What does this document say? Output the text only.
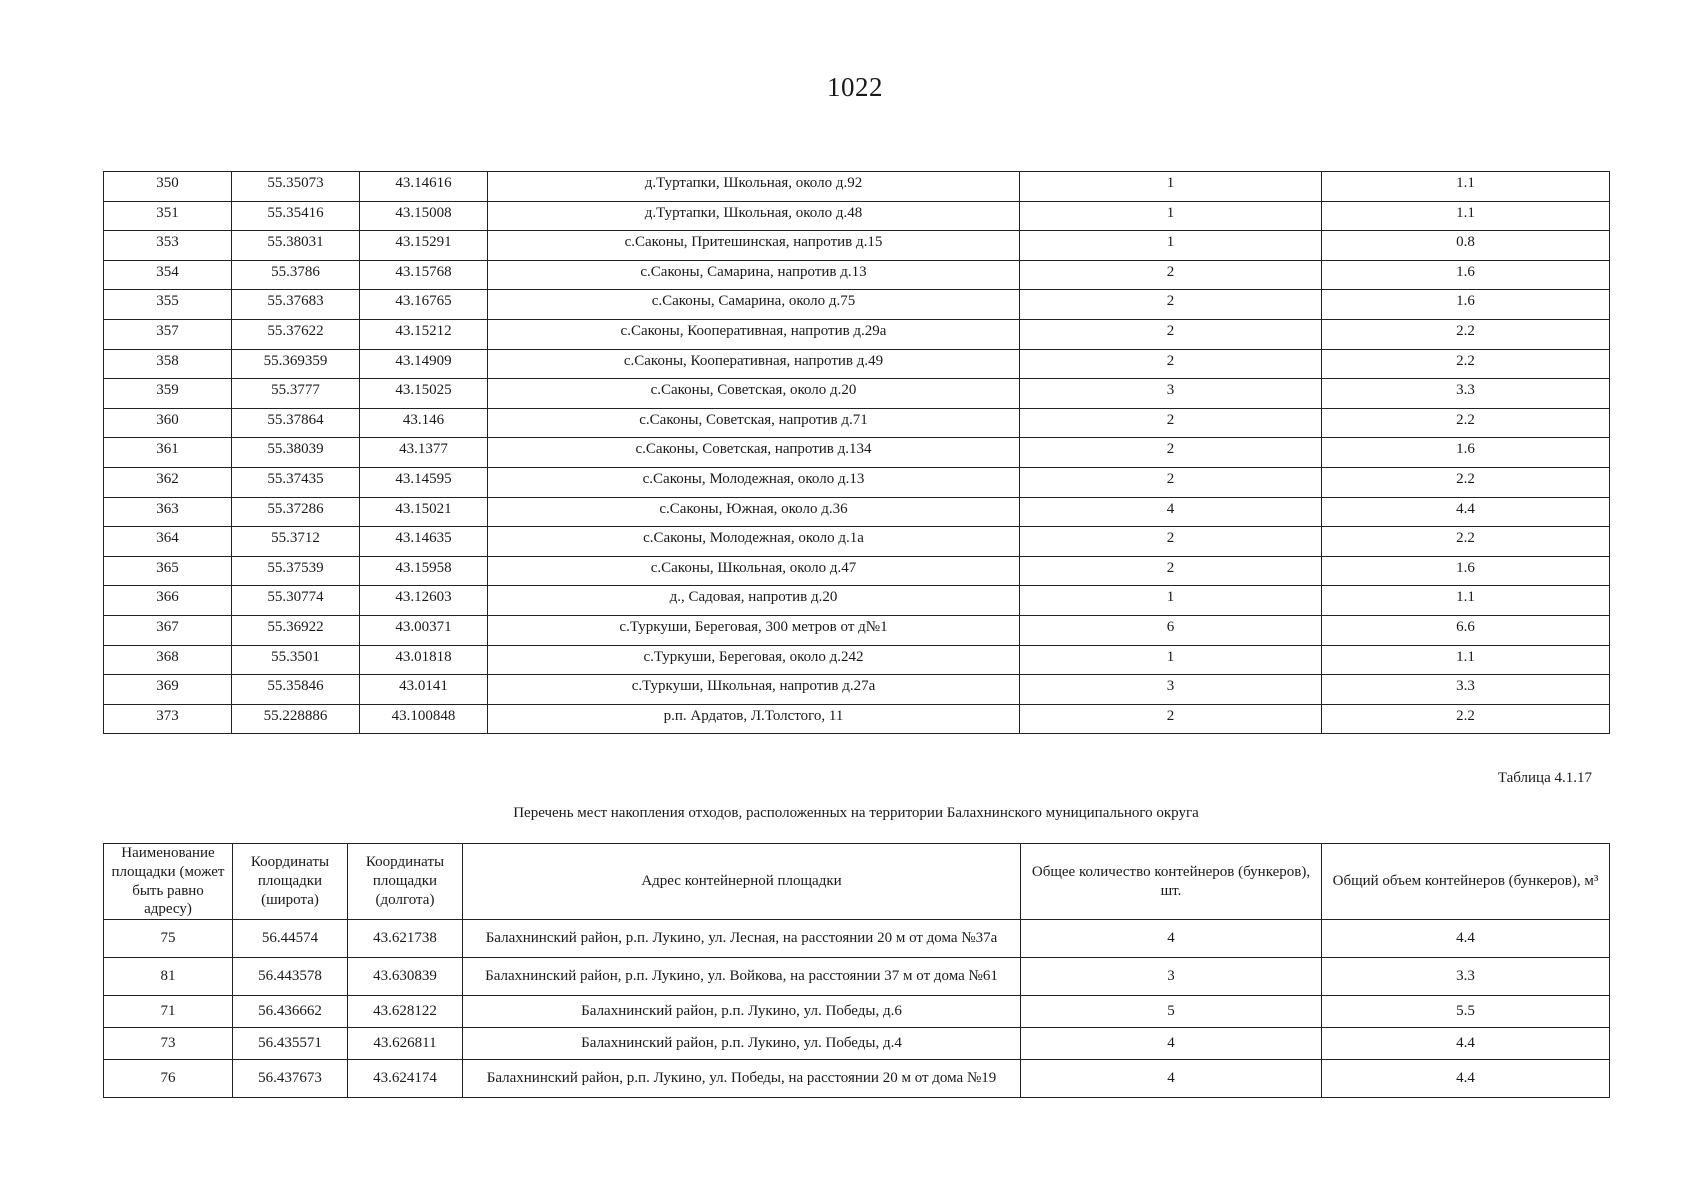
1022
350	55.35073	43.14616	д.Туртапки, Школьная, около д.92	1	1.1
351	55.35416	43.15008	д.Туртапки, Школьная, около д.48	1	1.1
353	55.38031	43.15291	с.Саконы, Притешинская, напротив д.15	1	0.8
354	55.3786	43.15768	с.Саконы, Самарина, напротив д.13	2	1.6
355	55.37683	43.16765	с.Саконы, Самарина, около д.75	2	1.6
357	55.37622	43.15212	с.Саконы, Кооперативная, напротив д.29а	2	2.2
358	55.369359	43.14909	с.Саконы, Кооперативная, напротив д.49	2	2.2
359	55.3777	43.15025	с.Саконы, Советская, около д.20	3	3.3
360	55.37864	43.146	с.Саконы, Советская, напротив д.71	2	2.2
361	55.38039	43.1377	с.Саконы, Советская, напротив д.134	2	1.6
362	55.37435	43.14595	с.Саконы, Молодежная, около д.13	2	2.2
363	55.37286	43.15021	с.Саконы, Южная, около д.36	4	4.4
364	55.3712	43.14635	с.Саконы, Молодежная, около д.1а	2	2.2
365	55.37539	43.15958	с.Саконы, Школьная, около д.47	2	1.6
366	55.30774	43.12603	д., Садовая, напротив д.20	1	1.1
367	55.36922	43.00371	с.Туркуши, Береговая, 300 метров от д№1	6	6.6
368	55.3501	43.01818	с.Туркуши, Береговая, около д.242	1	1.1
369	55.35846	43.0141	с.Туркуши, Школьная, напротив д.27а	3	3.3
373	55.228886	43.100848	р.п. Ардатов, Л.Толстого, 11	2	2.2
Таблица 4.1.17
Перечень мест накопления отходов, расположенных на территории Балахнинского муниципального округа
Наименование площадки (может быть равно адресу)	Координаты площадки (широта)	Координаты площадки (долгота)	Адрес контейнерной площадки	Общее количество контейнеров (бункеров), шт.	Общий объем контейнеров (бункеров), м³
75	56.44574	43.621738	Балахнинский район, р.п. Лукино, ул. Лесная, на расстоянии 20 м от дома №37а	4	4.4
81	56.443578	43.630839	Балахнинский район, р.п. Лукино, ул. Войкова, на расстоянии 37 м от дома №61	3	3.3
71	56.436662	43.628122	Балахнинский район, р.п. Лукино, ул. Победы, д.6	5	5.5
73	56.435571	43.626811	Балахнинский район, р.п. Лукино, ул. Победы, д.4	4	4.4
76	56.437673	43.624174	Балахнинский район, р.п. Лукино, ул. Победы, на расстоянии 20 м от дома №19	4	4.4
